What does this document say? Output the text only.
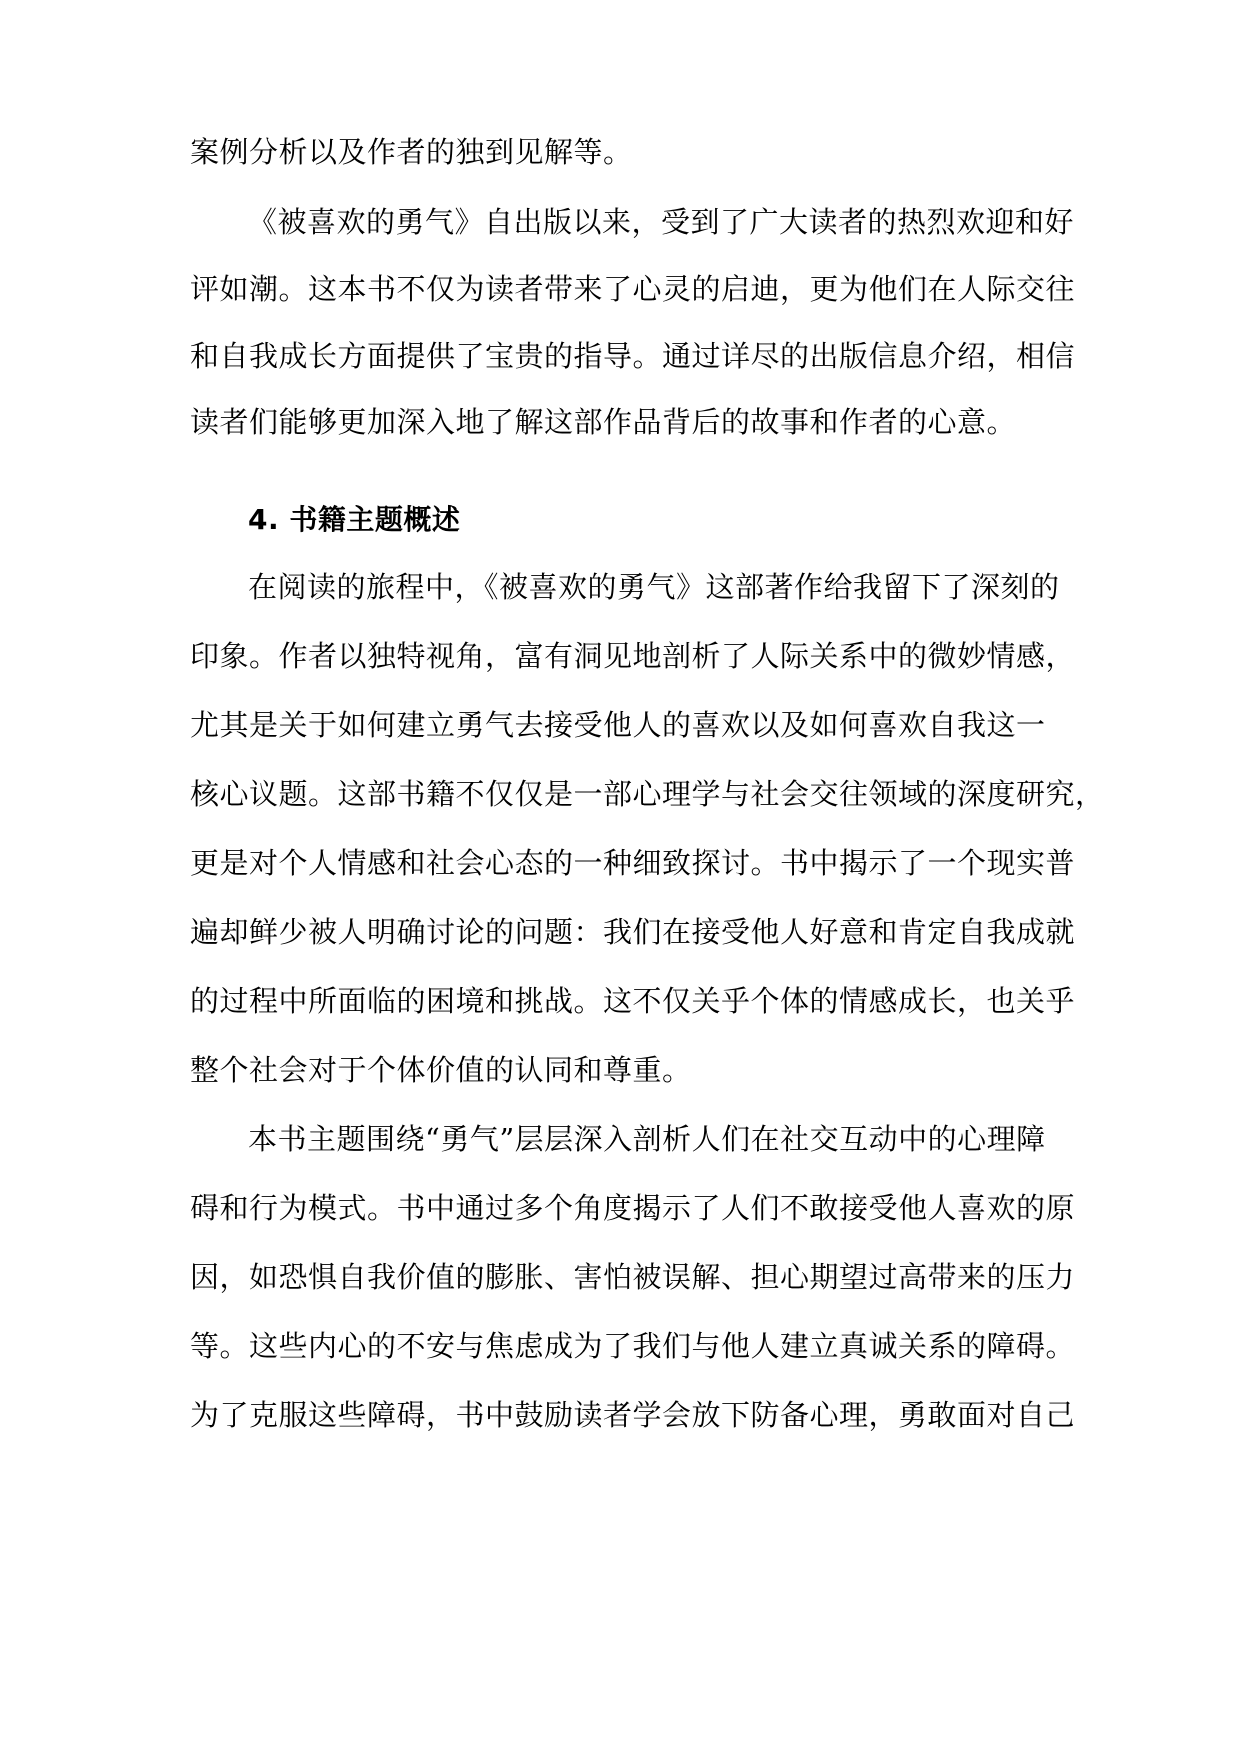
案例分析以及作者的独到见解等。
《被喜欢的勇气》自出版以来，受到了广大读者的热烈欢迎和好
评如潮。这本书不仅为读者带来了心灵的启迪，更为他们在人际交往
和自我成长方面提供了宝贵的指导。通过详尽的出版信息介绍，相信
读者们能够更加深入地了解这部作品背后的故事和作者的心意。
4. 书籍主题概述
在阅读的旅程中，《被喜欢的勇气》这部著作给我留下了深刻的
印象。作者以独特视角，富有洞见地剖析了人际关系中的微妙情感，
尤其是关于如何建立勇气去接受他人的喜欢以及如何喜欢自我这一
核心议题。这部书籍不仅仅是一部心理学与社会交往领域的深度研究，
更是对个人情感和社会心态的一种细致探讨。书中揭示了一个现实普
遍却鲜少被人明确讨论的问题：我们在接受他人好意和肯定自我成就
的过程中所面临的困境和挑战。这不仅关乎个体的情感成长，也关乎
整个社会对于个体价值的认同和尊重。
本书主题围绕“勇气”层层深入剖析人们在社交互动中的心理障
碍和行为模式。书中通过多个角度揭示了人们不敢接受他人喜欢的原
因，如恐惧自我价值的膨胀、害怕被误解、担心期望过高带来的压力
等。这些内心的不安与焦虑成为了我们与他人建立真诚关系的障碍。
为了克服这些障碍，书中鼓励读者学会放下防备心理，勇敢面对自己
